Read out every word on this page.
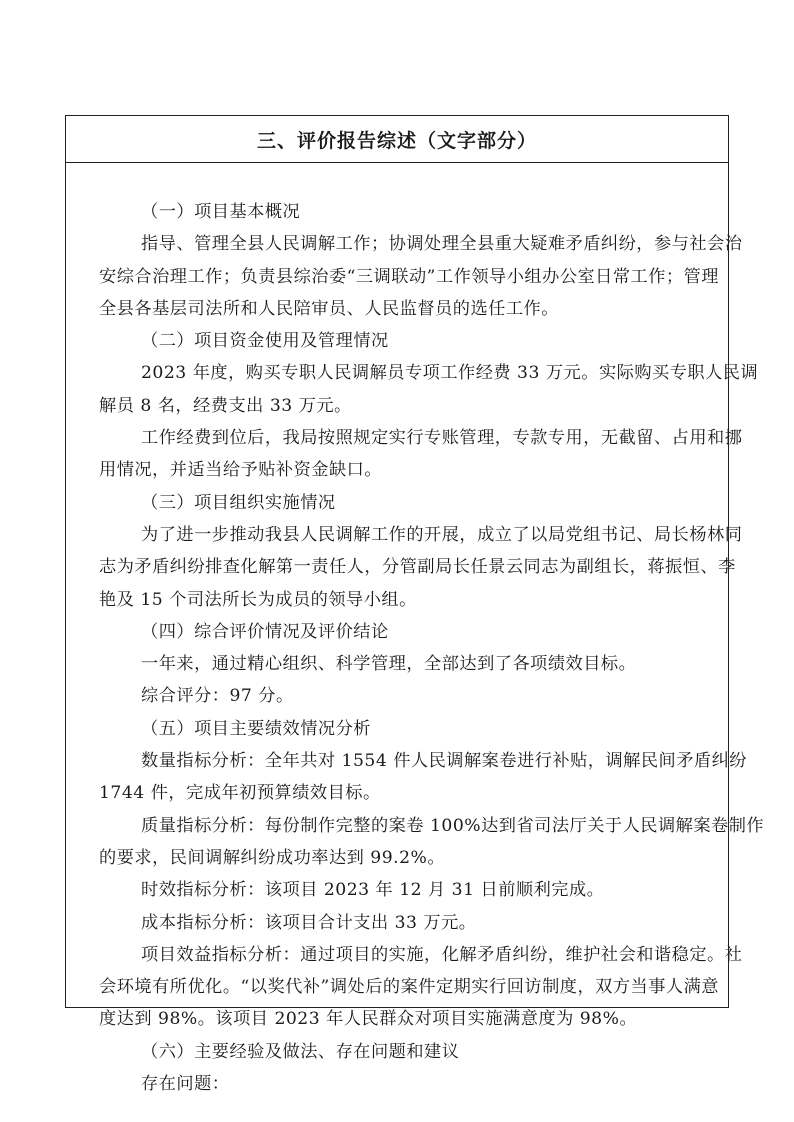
三、评价报告综述（文字部分）
（一）项目基本概况
指导、管理全县人民调解工作；协调处理全县重大疑难矛盾纠纷，参与社会治
安综合治理工作；负责县综治委“三调联动”工作领导小组办公室日常工作；管理
全县各基层司法所和人民陪审员、人民监督员的选任工作。
（二）项目资金使用及管理情况
2023 年度，购买专职人民调解员专项工作经费 33 万元。实际购买专职人民调
解员 8 名，经费支出 33 万元。
工作经费到位后，我局按照规定实行专账管理，专款专用，无截留、占用和挪
用情况，并适当给予贴补资金缺口。
（三）项目组织实施情况
为了进一步推动我县人民调解工作的开展，成立了以局党组书记、局长杨林同
志为矛盾纠纷排查化解第一责任人，分管副局长任景云同志为副组长，蒋振恒、李
艳及 15 个司法所长为成员的领导小组。
（四）综合评价情况及评价结论
一年来，通过精心组织、科学管理，全部达到了各项绩效目标。
综合评分：97 分。
（五）项目主要绩效情况分析
数量指标分析：全年共对 1554 件人民调解案卷进行补贴，调解民间矛盾纠纷
1744 件，完成年初预算绩效目标。
质量指标分析：每份制作完整的案卷 100%达到省司法厅关于人民调解案卷制作
的要求，民间调解纠纷成功率达到 99.2%。
时效指标分析：该项目 2023 年 12 月 31 日前顺利完成。
成本指标分析：该项目合计支出 33 万元。
项目效益指标分析：通过项目的实施，化解矛盾纠纷，维护社会和谐稳定。社
会环境有所优化。“以奖代补”调处后的案件定期实行回访制度，双方当事人满意
度达到 98%。该项目 2023 年人民群众对项目实施满意度为 98%。
（六）主要经验及做法、存在问题和建议
存在问题：
